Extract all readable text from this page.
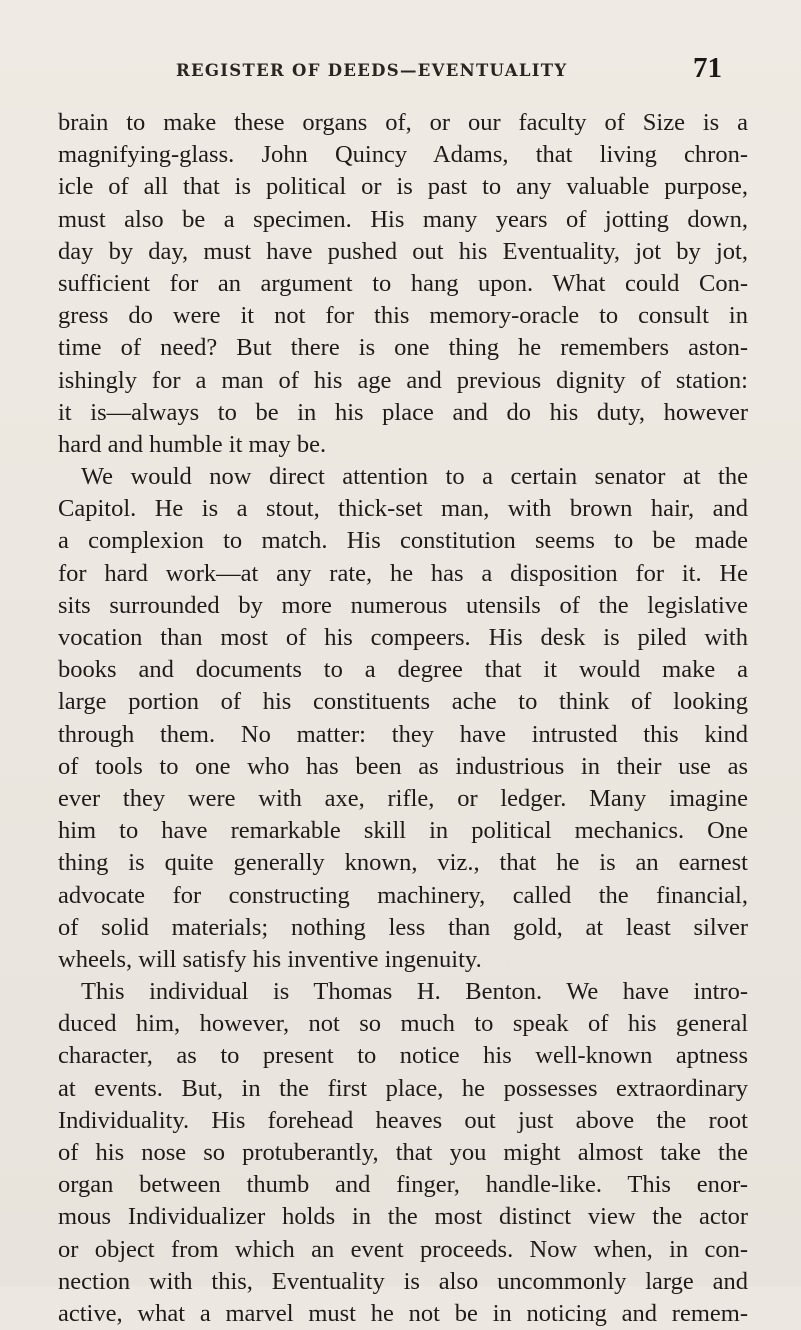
REGISTER OF DEEDS—EVENTUALITY	71
brain to make these organs of, or our faculty of Size is a
magnifying-glass. John Quincy Adams, that living chron-
icle of all that is political or is past to any valuable purpose,
must also be a specimen. His many years of jotting down,
day by day, must have pushed out his Eventuality, jot by jot,
sufficient for an argument to hang upon. What could Con-
gress do were it not for this memory-oracle to consult in
time of need? But there is one thing he remembers aston-
ishingly for a man of his age and previous dignity of station:
it is—always to be in his place and do his duty, however
hard and humble it may be.
We would now direct attention to a certain senator at the
Capitol. He is a stout, thick-set man, with brown hair, and
a complexion to match. His constitution seems to be made
for hard work—at any rate, he has a disposition for it. He
sits surrounded by more numerous utensils of the legislative
vocation than most of his compeers. His desk is piled with
books and documents to a degree that it would make a
large portion of his constituents ache to think of looking
through them. No matter: they have intrusted this kind
of tools to one who has been as industrious in their use as
ever they were with axe, rifle, or ledger. Many imagine
him to have remarkable skill in political mechanics. One
thing is quite generally known, viz., that he is an earnest
advocate for constructing machinery, called the financial,
of solid materials; nothing less than gold, at least silver
wheels, will satisfy his inventive ingenuity.
This individual is Thomas H. Benton. We have intro-
duced him, however, not so much to speak of his general
character, as to present to notice his well-known aptness
at events. But, in the first place, he possesses extraordinary
Individuality. His forehead heaves out just above the root
of his nose so protuberantly, that you might almost take the
organ between thumb and finger, handle-like. This enor-
mous Individualizer holds in the most distinct view the actor
or object from which an event proceeds. Now when, in con-
nection with this, Eventuality is also uncommonly large and
active, what a marvel must he not be in noticing and remem-
